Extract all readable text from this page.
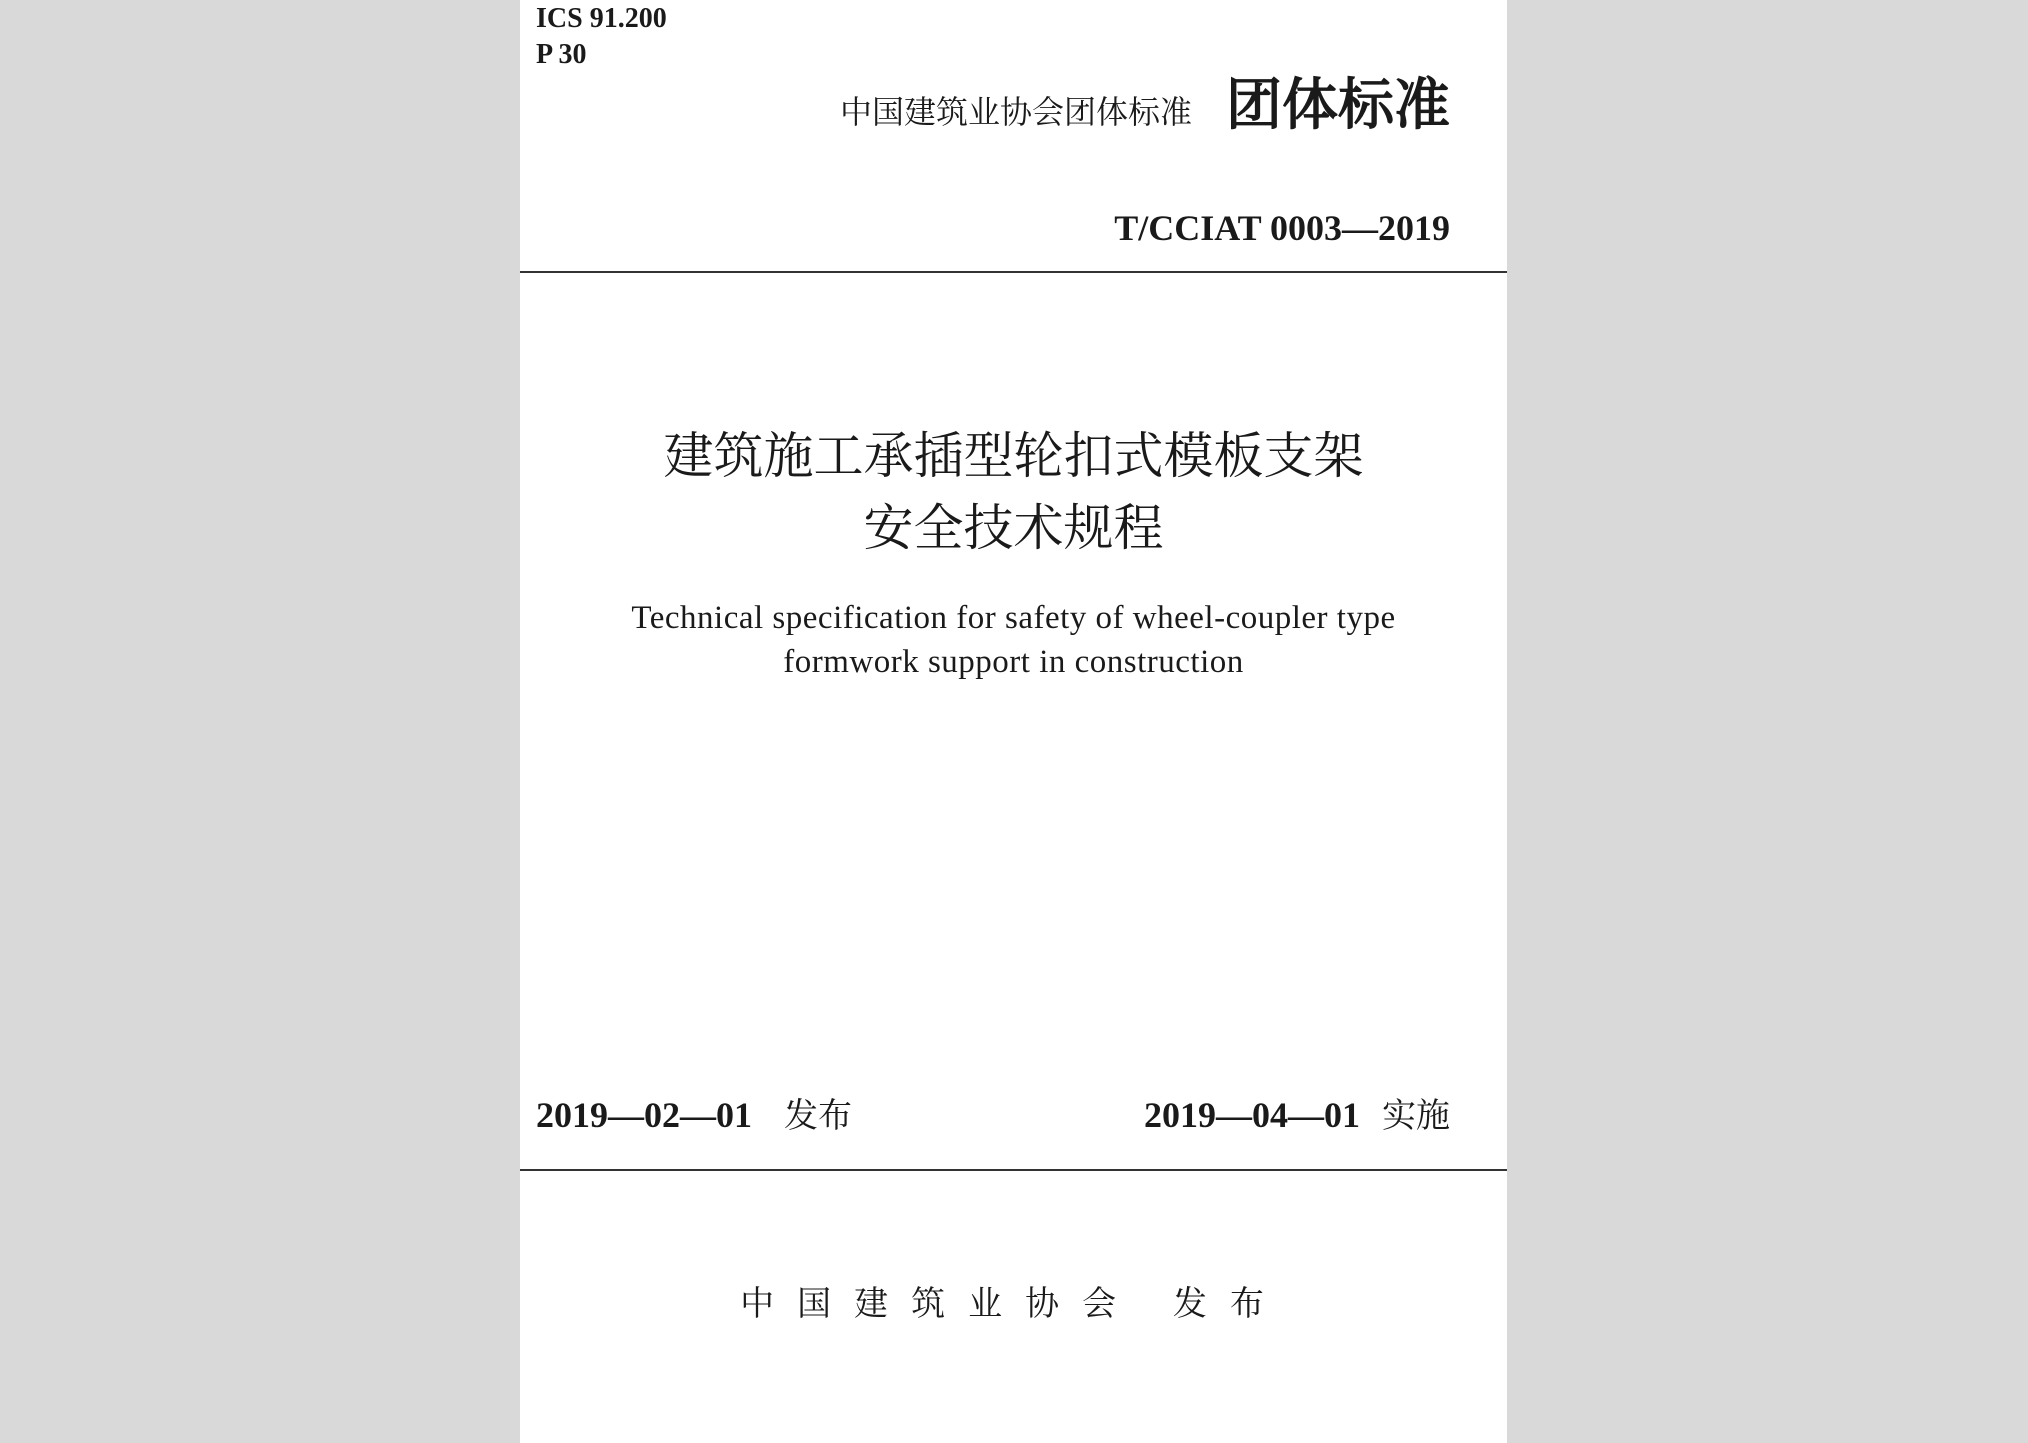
ICS 91.200

P 30

中国建筑业协会团体标准 团体标准

T/CCIAT 0003—2019

建筑施工承插型轮扣式模板支架
安全技术规程
Technical specification for safety of wheel-coupler type
formwork support in construction
2019—02—01 发布	2019—04—01 实施

中国建筑业协会 发布
